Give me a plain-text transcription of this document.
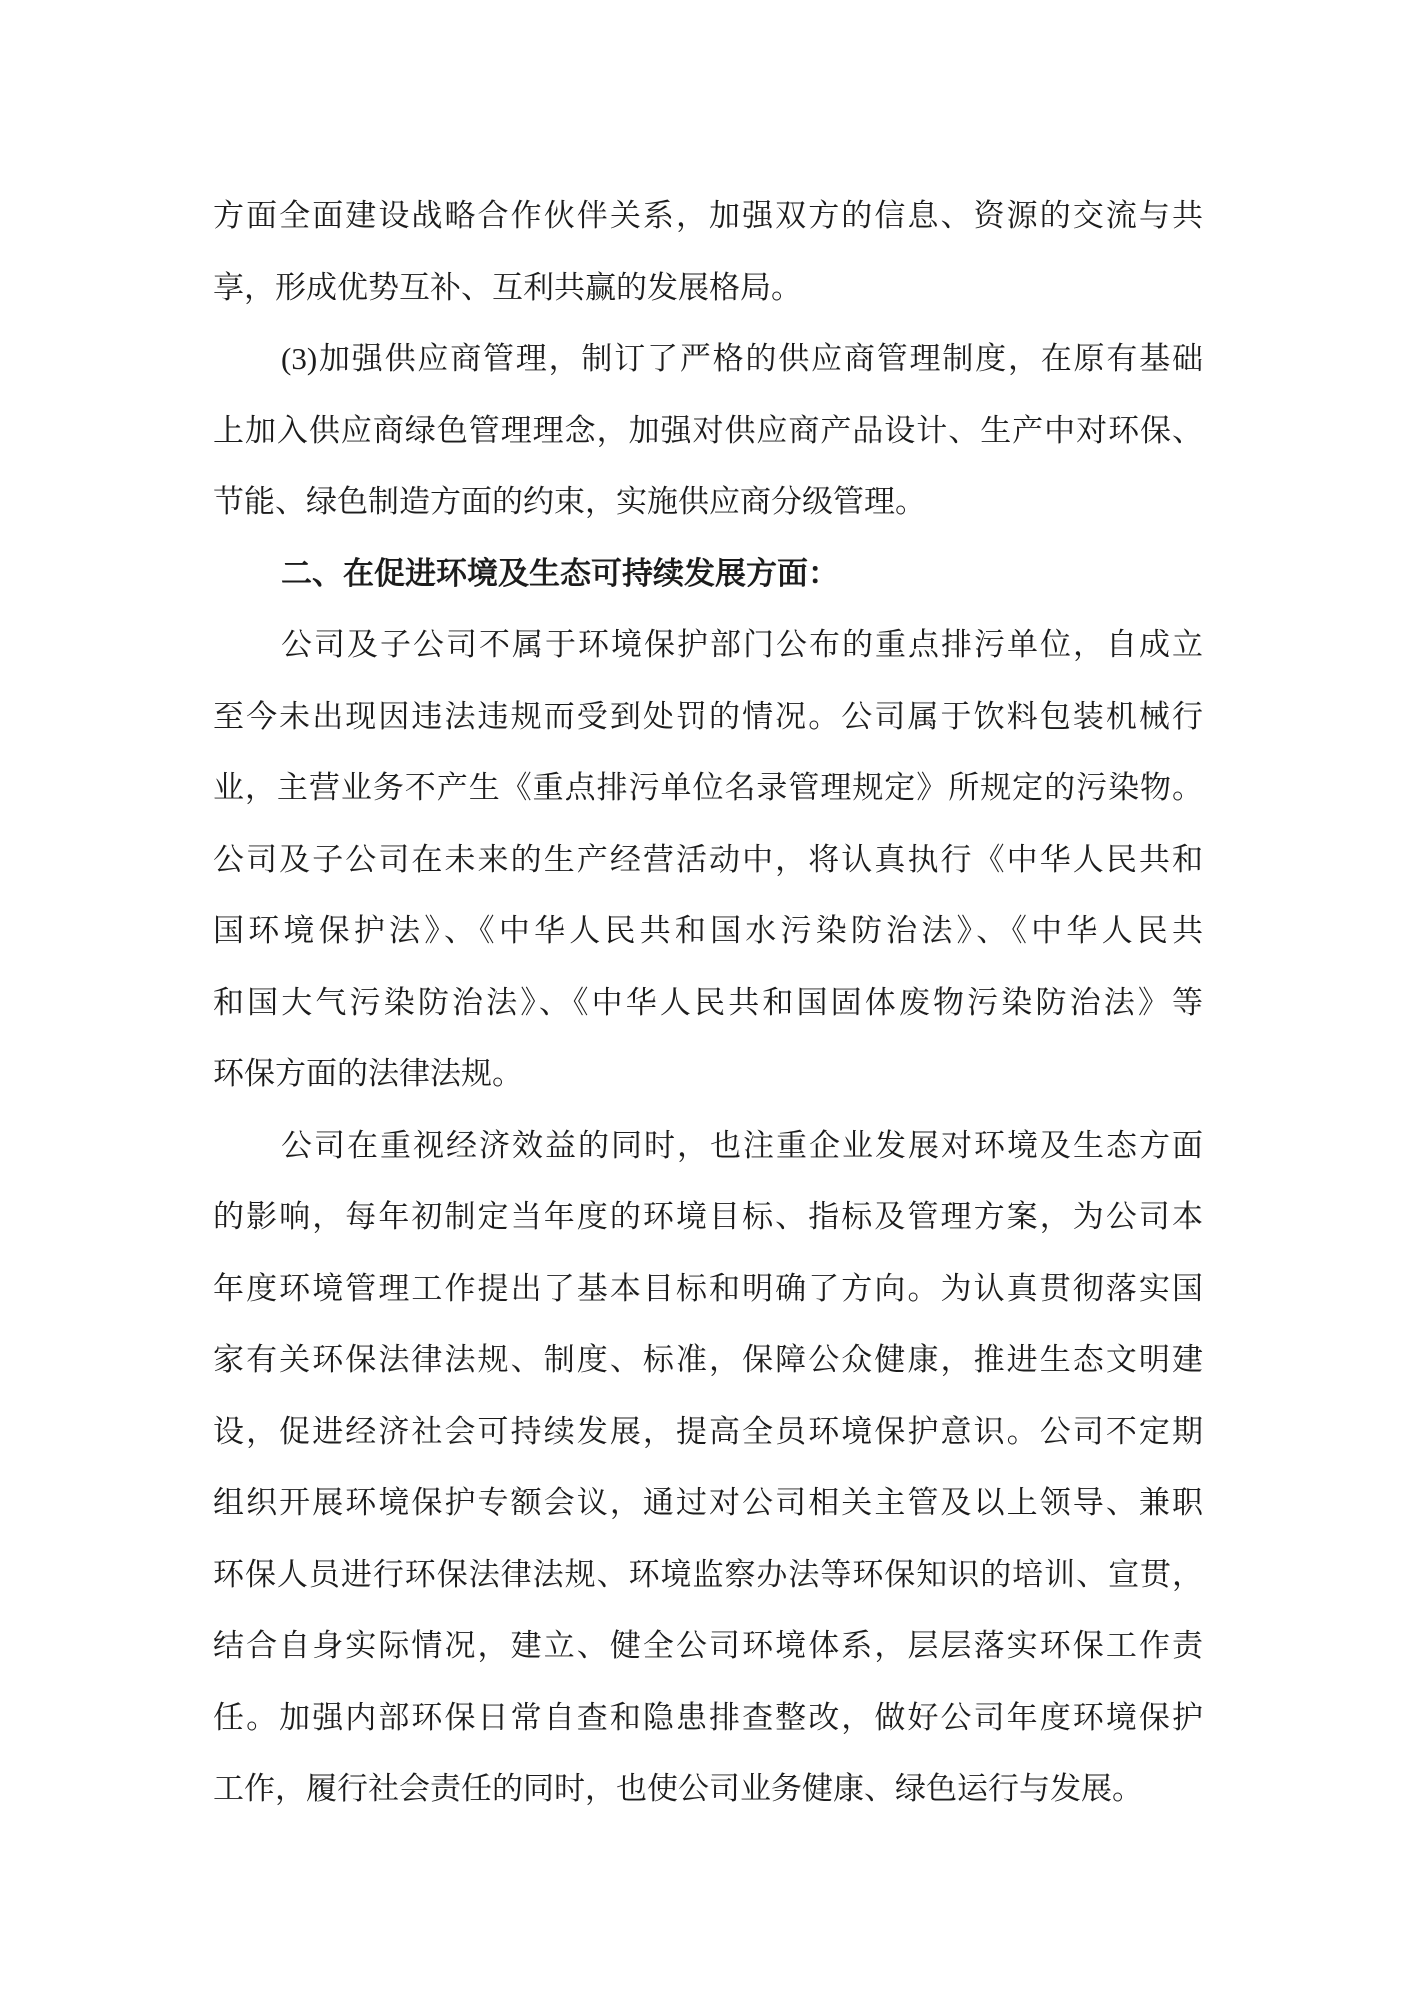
方面全面建设战略合作伙伴关系，加强双方的信息、资源的交流与共
享，形成优势互补、互利共赢的发展格局。
(3)加强供应商管理，制订了严格的供应商管理制度，在原有基础
上加入供应商绿色管理理念，加强对供应商产品设计、生产中对环保、
节能、绿色制造方面的约束，实施供应商分级管理。
二、在促进环境及生态可持续发展方面：
公司及子公司不属于环境保护部门公布的重点排污单位，自成立
至今未出现因违法违规而受到处罚的情况。公司属于饮料包装机械行
业，主营业务不产生《重点排污单位名录管理规定》所规定的污染物。
公司及子公司在未来的生产经营活动中，将认真执行《中华人民共和
国环境保护法》、《中华人民共和国水污染防治法》、《中华人民共
和国大气污染防治法》、《中华人民共和国固体废物污染防治法》等
环保方面的法律法规。
公司在重视经济效益的同时，也注重企业发展对环境及生态方面
的影响，每年初制定当年度的环境目标、指标及管理方案，为公司本
年度环境管理工作提出了基本目标和明确了方向。为认真贯彻落实国
家有关环保法律法规、制度、标准，保障公众健康，推进生态文明建
设，促进经济社会可持续发展，提高全员环境保护意识。公司不定期
组织开展环境保护专额会议，通过对公司相关主管及以上领导、兼职
环保人员进行环保法律法规、环境监察办法等环保知识的培训、宣贯，
结合自身实际情况，建立、健全公司环境体系，层层落实环保工作责
任。加强内部环保日常自查和隐患排查整改，做好公司年度环境保护
工作，履行社会责任的同时，也使公司业务健康、绿色运行与发展。
